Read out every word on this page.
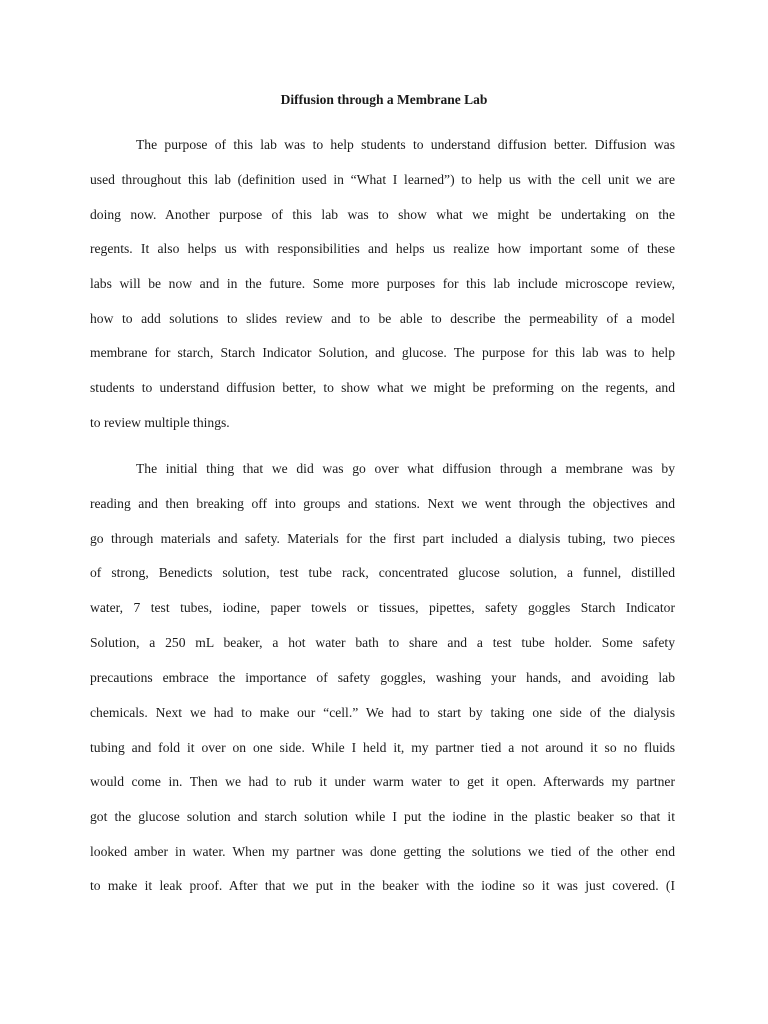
Diffusion through a Membrane Lab

The purpose of this lab was to help students to understand diffusion better. Diffusion was

used throughout this lab (definition used in “What I learned”) to help us with the cell unit we are

doing now. Another purpose of this lab was to show what we might be undertaking on the

regents. It also helps us with responsibilities and helps us realize how important some of these

labs will be now and in the future. Some more purposes for this lab include microscope review,

how to add solutions to slides review and to be able to describe the permeability of a model

membrane for starch, Starch Indicator Solution, and glucose. The purpose for this lab was to help

students to understand diffusion better, to show what we might be preforming on the regents, and

to review multiple things.

The initial thing that we did was go over what diffusion through a membrane was by

reading and then breaking off into groups and stations. Next we went through the objectives and

go through materials and safety. Materials for the first part included a dialysis tubing, two pieces

of strong, Benedicts solution, test tube rack, concentrated glucose solution, a funnel, distilled

water, 7 test tubes, iodine, paper towels or tissues, pipettes, safety goggles Starch Indicator

Solution, a 250 mL beaker, a hot water bath to share and a test tube holder. Some safety

precautions embrace the importance of safety goggles, washing your hands, and avoiding lab

chemicals. Next we had to make our “cell.” We had to start by taking one side of the dialysis

tubing and fold it over on one side. While I held it, my partner tied a not around it so no fluids

would come in. Then we had to rub it under warm water to get it open. Afterwards my partner

got the glucose solution and starch solution while I put the iodine in the plastic beaker so that it

looked amber in water. When my partner was done getting the solutions we tied of the other end

to make it leak proof. After that we put in the beaker with the iodine so it was just covered. (I
